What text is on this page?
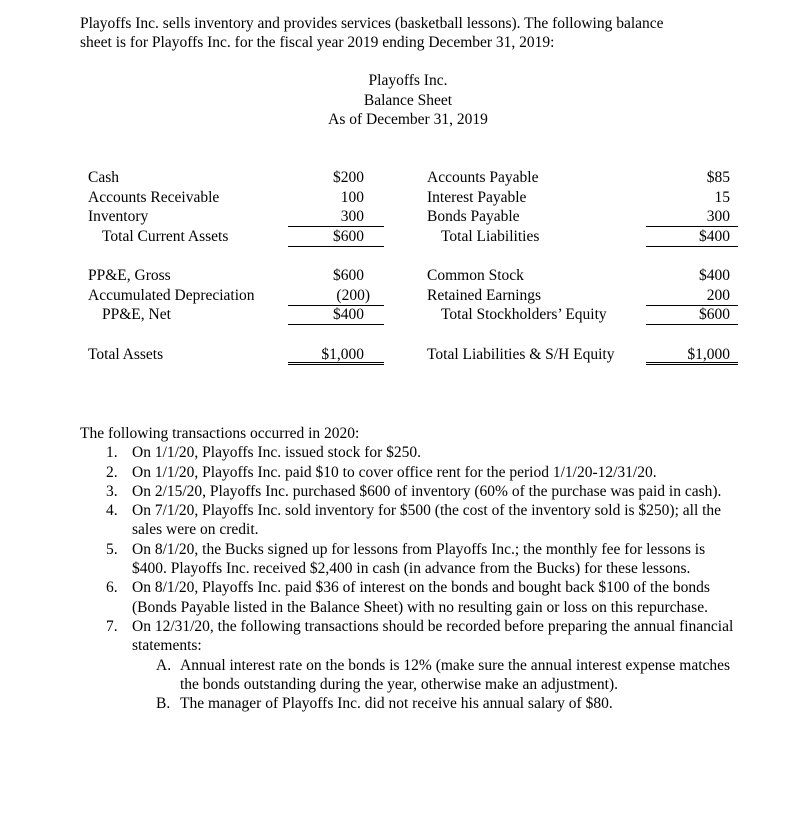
Playoffs Inc. sells inventory and provides services (basketball lessons). The following balance
sheet is for Playoffs Inc. for the fiscal year 2019 ending December 31, 2019:
Playoffs Inc.
Balance Sheet
As of December 31, 2019
Cash
Accounts Receivable
Inventory
Total Current Assets
$200
100
300
$600
PP&E, Gross
Accumulated Depreciation
PP&E, Net
$600
(200)
$400
Total Assets	$1,000
Accounts Payable
Interest Payable
Bonds Payable
Total Liabilities
$85
15
300
$400
Common Stock
Retained Earnings
Total Stockholders’ Equity
$400
200
$600
Total Liabilities & S/H Equity	$1,000

The following transactions occurred in 2020:

1. On 1/1/20, Playoffs Inc. issued stock for $250.
2. On 1/1/20, Playoffs Inc. paid $10 to cover office rent for the period 1/1/20-12/31/20.
3. On 2/15/20, Playoffs Inc. purchased $600 of inventory (60% of the purchase was paid in cash).
4. On 7/1/20, Playoffs Inc. sold inventory for $500 (the cost of the inventory sold is $250); all the sales were on credit.
5. On 8/1/20, the Bucks signed up for lessons from Playoffs Inc.; the monthly fee for lessons is $400. Playoffs Inc. received $2,400 in cash (in advance from the Bucks) for these lessons.
6. On 8/1/20, Playoffs Inc. paid $36 of interest on the bonds and bought back $100 of the bonds (Bonds Payable listed in the Balance Sheet) with no resulting gain or loss on this repurchase.
7. On 12/31/20, the following transactions should be recorded before preparing the annual financial statements:
A. Annual interest rate on the bonds is 12% (make sure the annual interest expense matches the bonds outstanding during the year, otherwise make an adjustment).
B. The manager of Playoffs Inc. did not receive his annual salary of $80.
